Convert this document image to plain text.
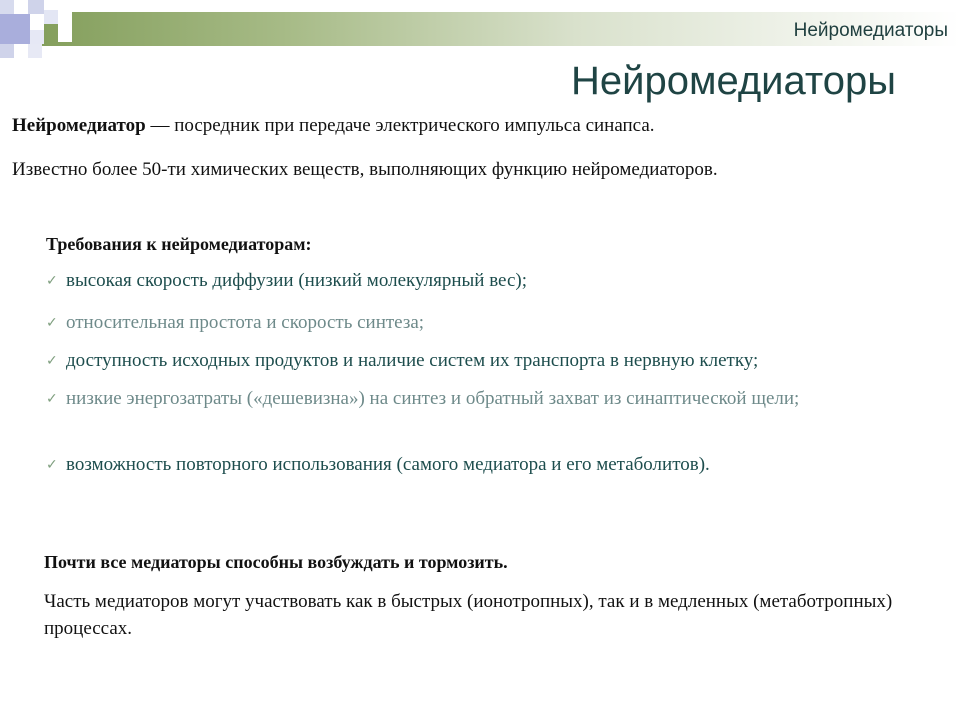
Нейромедиаторы
Нейромедиаторы

Нейромедиатор — посредник при передаче электрического импульса синапса.

Известно более 50-ти химических веществ, выполняющих функцию нейромедиаторов.

Требования к нейромедиаторам:

✓ высокая скорость диффузии (низкий молекулярный вес);
✓ относительная простота и скорость синтеза;
✓ доступность исходных продуктов и наличие систем их транспорта в нервную клетку;
✓ низкие энергозатраты («дешевизна») на синтез и обратный захват из синаптической щели;
✓ возможность повторного использования (самого медиатора и его метаболитов).

Почти все медиаторы способны возбуждать и тормозить.

Часть медиаторов могут участвовать как в быстрых (ионотропных), так и в медленных (метаботропных) процессах.
